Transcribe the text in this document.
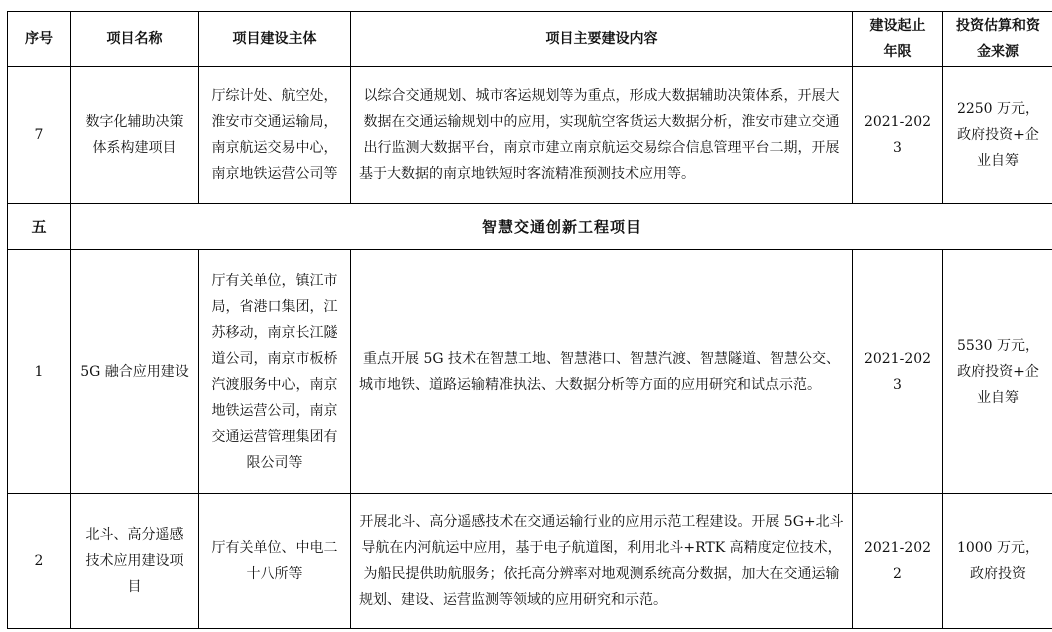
序号	项目名称	项目建设主体	项目主要建设内容	建设起止年限	投资估算和资金来源
7	数字化辅助决策体系构建项目	厅综计处、航空处，淮安市交通运输局，南京航运交易中心，南京地铁运营公司等	以综合交通规划、城市客运规划等为重点，形成大数据辅助决策体系，开展大数据在交通运输规划中的应用，实现航空客货运大数据分析，淮安市建立交通出行监测大数据平台，南京市建立南京航运交易综合信息管理平台二期，开展基于大数据的南京地铁短时客流精准预测技术应用等。	2021-2023	2250 万元，政府投资+企业自筹
五	智慧交通创新工程项目				
1	5G 融合应用建设	厅有关单位，镇江市局，省港口集团，江苏移动，南京长江隧道公司，南京市板桥汽渡服务中心，南京地铁运营公司，南京交通运营管理集团有限公司等	重点开展 5G 技术在智慧工地、智慧港口、智慧汽渡、智慧隧道、智慧公交、城市地铁、道路运输精准执法、大数据分析等方面的应用研究和试点示范。	2021-2023	5530 万元，政府投资+企业自筹
2	北斗、高分遥感技术应用建设项目	厅有关单位、中电二十八所等	开展北斗、高分遥感技术在交通运输行业的应用示范工程建设。开展 5G+北斗导航在内河航运中应用，基于电子航道图，利用北斗+RTK 高精度定位技术，为船民提供助航服务；依托高分辨率对地观测系统高分数据，加大在交通运输规划、建设、运营监测等领域的应用研究和示范。	2021-2022	1000 万元，政府投资
